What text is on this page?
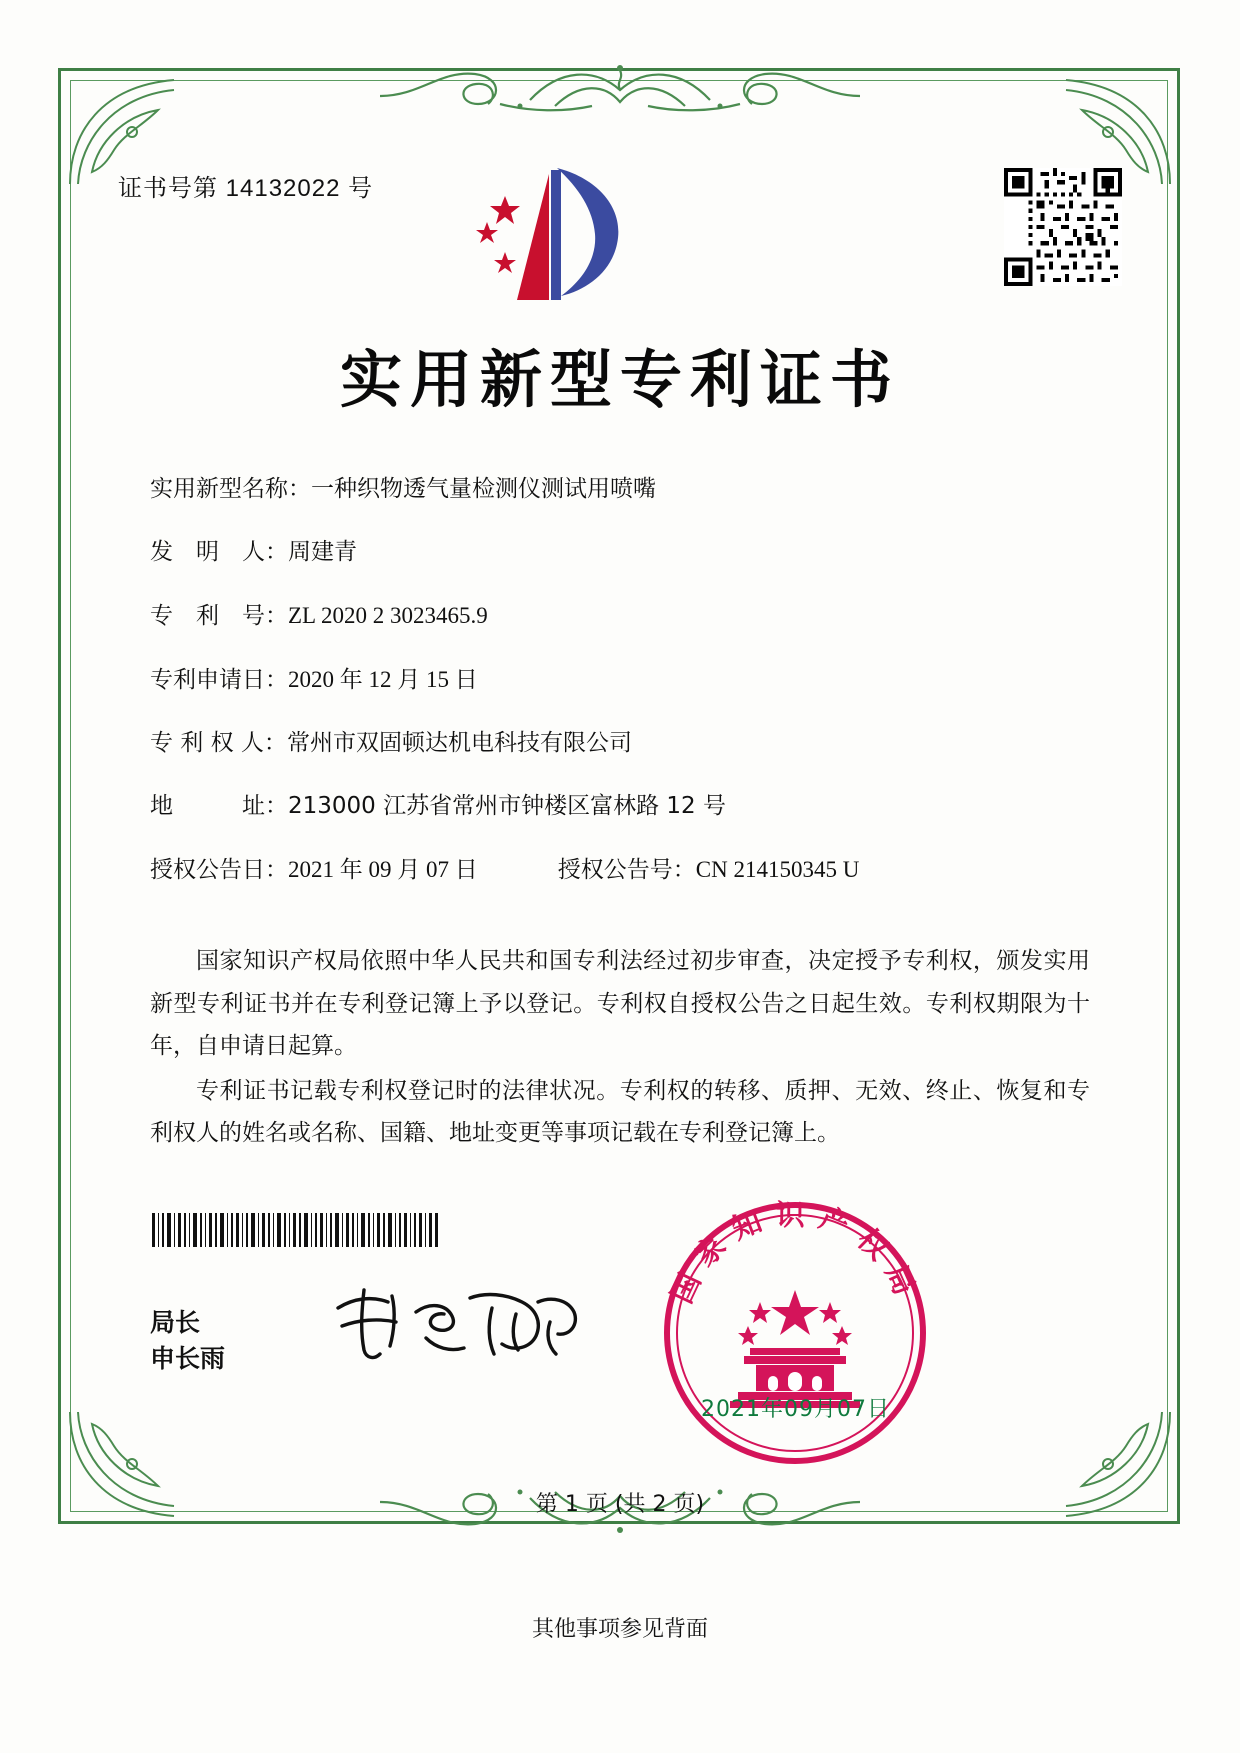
证书号第 14132022 号
实用新型专利证书
实用新型名称： 一种织物透气量检测仪测试用喷嘴
发　明　人： 周建青
专　利　号： ZL 2020 2 3023465.9
专利申请日： 2020 年 12 月 15 日
专 利 权 人： 常州市双固顿达机电科技有限公司
地　　　址： 213000 江苏省常州市钟楼区富林路 12 号
授权公告日： 2021 年 09 月 07 日	授权公告号： CN 214150345 U

国家知识产权局依照中华人民共和国专利法经过初步审查，决定授予专利权，颁发实用新型专利证书并在专利登记簿上予以登记。专利权自授权公告之日起生效。专利权期限为十年，自申请日起算。

专利证书记载专利权登记时的法律状况。专利权的转移、质押、无效、终止、恢复和专利权人的姓名或名称、国籍、地址变更等事项记载在专利登记簿上。

局长
申长雨
国家知识产权局
2021年09月07日
第 1 页 (共 2 页)
其他事项参见背面
